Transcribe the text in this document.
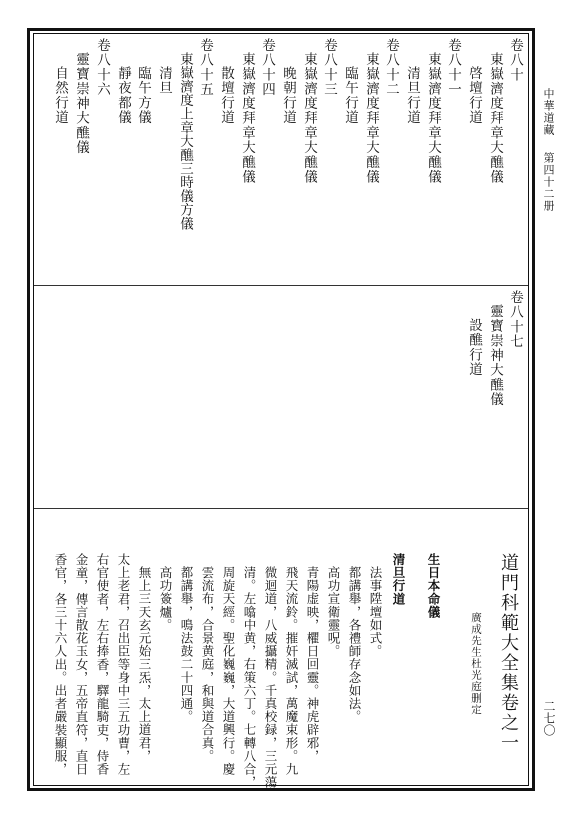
中華道藏
第四十二册
二七〇
卷八十
東嶽濟度拜章大醮儀
啓壇行道
卷八十一
東嶽濟度拜章大醮儀
清旦行道
卷八十二
東嶽濟度拜章大醮儀
臨午行道
卷八十三
東嶽濟度拜章大醮儀
晚朝行道
卷八十四
東嶽濟度拜章大醮儀
散壇行道
卷八十五
東嶽濟度上章大醮三時儀方儀
清旦
臨午方儀
靜夜都儀
卷八十六
靈寶崇神大醮儀
自然行道
卷八十七
靈寶崇神大醮儀
設醮行道
道門科範大全集卷之一
廣成先生杜光庭删定
生日本命儀
清旦行道
法事陞壇如式。
都講舉，各禮師存念如法。
高功宣衛靈呪。
青陽虚映，欋日回靈。神虎辟邪，
飛天流鈴。摧奸滅試，萬魔束形。九
微迴道，八威攝精。千真校録，三元蕩
清。左噏中黄，右策六丁。七轉八合，
周旋天經。聖化巍巍，大道興行。慶
雲流布，合景黄庭，和與道合真。
都講舉，鳴法鼓二十四通。
高功簽爐。
無上三天玄元始三炁，太上道君，
太上老君，召出臣等身中三五功曹，左
右官使者，左右捧香，驛龍騎吏，侍香
金童，傳言散花玉女，五帝直符，直日
香官，各三十六人出。出者嚴裝顯服，
